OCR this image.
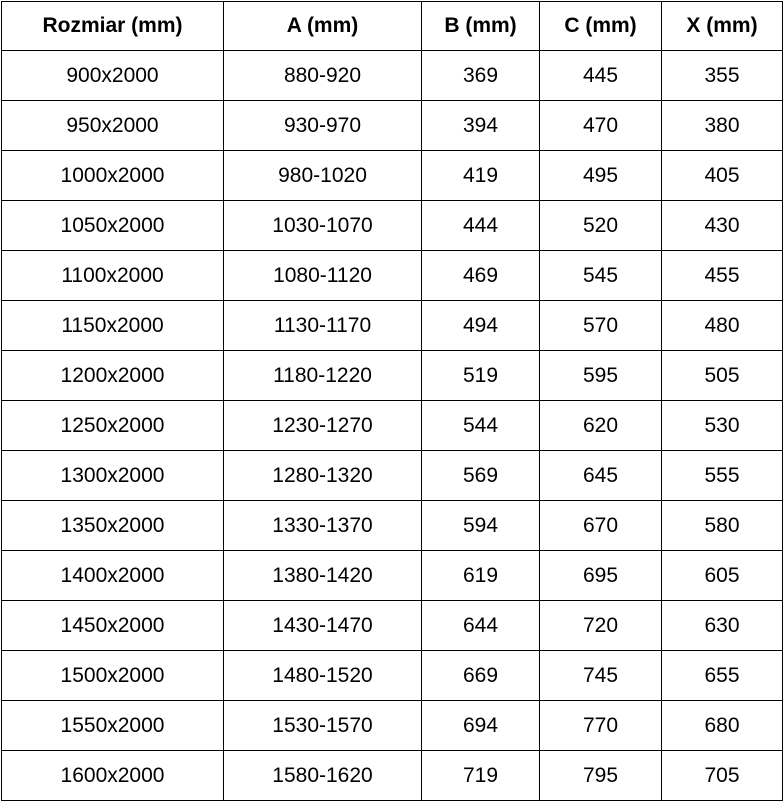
Rozmiar (mm)	A (mm)	B (mm)	C (mm)	X (mm)
900x2000	880-920	369	445	355
950x2000	930-970	394	470	380
1000x2000	980-1020	419	495	405
1050x2000	1030-1070	444	520	430
1100x2000	1080-1120	469	545	455
1150x2000	1130-1170	494	570	480
1200x2000	1180-1220	519	595	505
1250x2000	1230-1270	544	620	530
1300x2000	1280-1320	569	645	555
1350x2000	1330-1370	594	670	580
1400x2000	1380-1420	619	695	605
1450x2000	1430-1470	644	720	630
1500x2000	1480-1520	669	745	655
1550x2000	1530-1570	694	770	680
1600x2000	1580-1620	719	795	705
